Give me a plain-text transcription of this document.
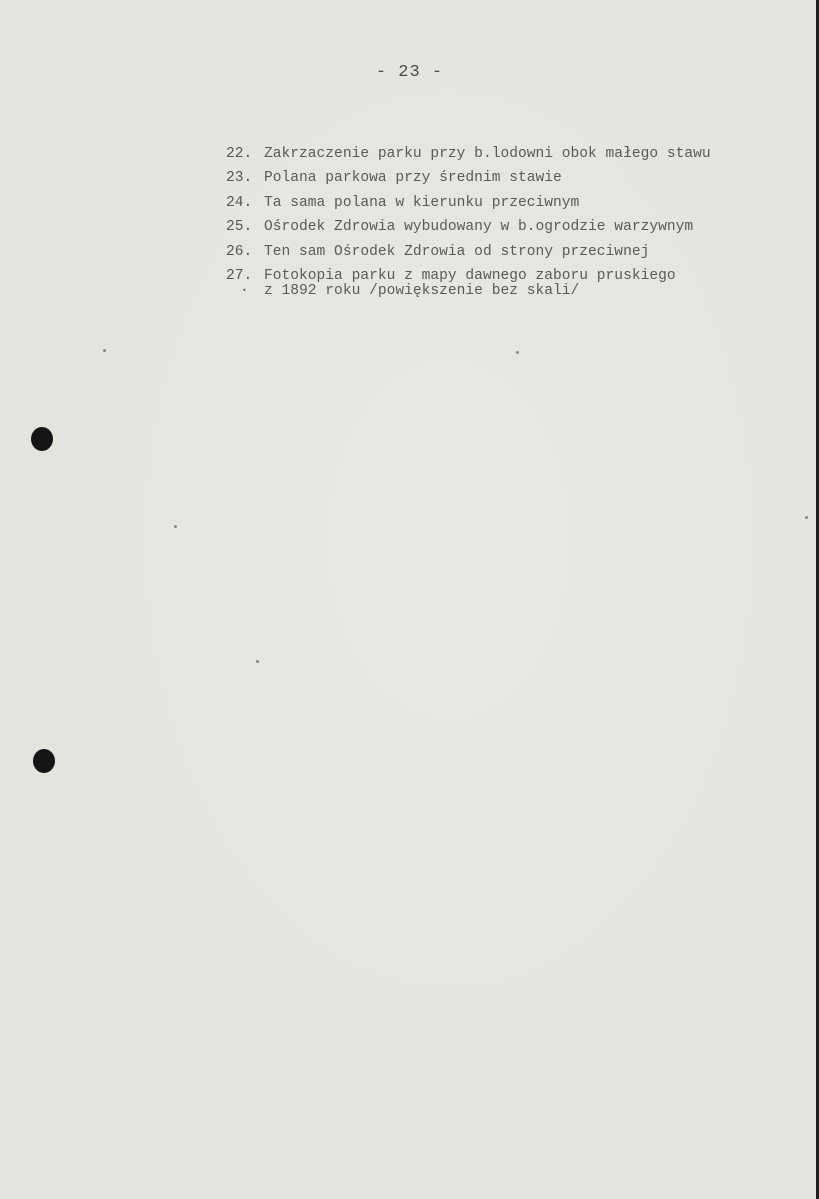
- 23 -
22. Zakrzaczenie parku przy b.lodowni obok małego stawu
23. Polana parkowa przy średnim stawie
24. Ta sama polana w kierunku przeciwnym
25. Ośrodek Zdrowia wybudowany w b.ogrodzie warzywnym
26. Ten sam Ośrodek Zdrowia od strony przeciwnej
27. Fotokopia parku z mapy dawnego zaboru pruskiego
·	z 1892 roku /powiększenie bez skali/
